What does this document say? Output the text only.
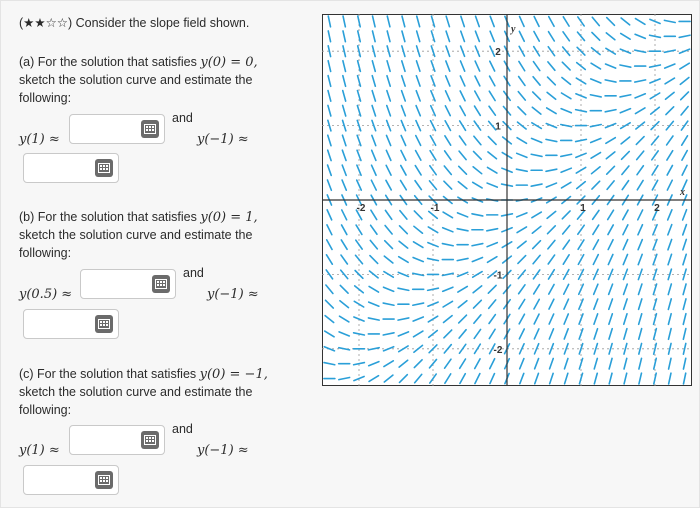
(★★☆☆) Consider the slope field shown.
(a) For the solution that satisfies y(0) = 0,
sketch the solution curve and estimate the
following:
y(1) ≈
and
y(−1) ≈
(b) For the solution that satisfies y(0) = 1,
sketch the solution curve and estimate the
following:
y(0.5) ≈
and
y(−1) ≈
(c) For the solution that satisfies y(0) = −1,
sketch the solution curve and estimate the
following:
y(1) ≈
and
y(−1) ≈
-2	-1	1	2
2
1
-1
-2
x
y
